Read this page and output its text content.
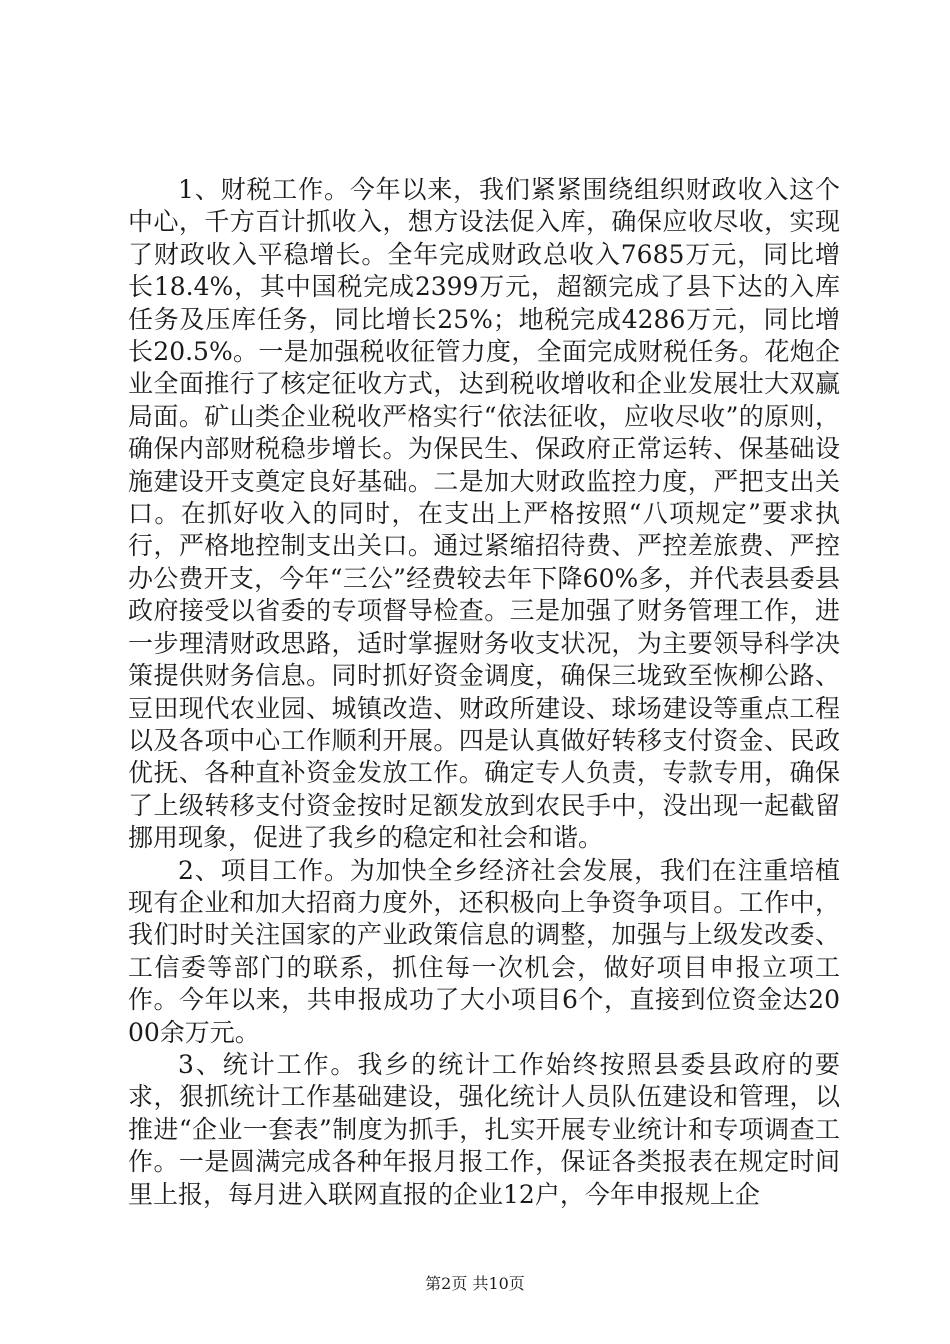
1、财税工作。今年以来，我们紧紧围绕组织财政收入这个中心，千方百计抓收入，想方设法促入库，确保应收尽收，实现了财政收入平稳增长。全年完成财政总收入7685万元，同比增长18.4%，其中国税完成2399万元，超额完成了县下达的入库任务及压库任务，同比增长25%；地税完成4286万元，同比增长20.5%。一是加强税收征管力度，全面完成财税任务。花炮企业全面推行了核定征收方式，达到税收增收和企业发展壮大双赢局面。矿山类企业税收严格实行“依法征收，应收尽收”的原则，确保内部财税稳步增长。为保民生、保政府正常运转、保基础设施建设开支奠定良好基础。二是加大财政监控力度，严把支出关口。在抓好收入的同时，在支出上严格按照“八项规定”要求执行，严格地控制支出关口。通过紧缩招待费、严控差旅费、严控办公费开支，今年“三公”经费较去年下降60%多，并代表县委县政府接受以省委的专项督导检查。三是加强了财务管理工作，进一步理清财政思路，适时掌握财务收支状况，为主要领导科学决策提供财务信息。同时抓好资金调度，确保三垅致至恢柳公路、豆田现代农业园、城镇改造、财政所建设、球场建设等重点工程以及各项中心工作顺利开展。四是认真做好转移支付资金、民政优抚、各种直补资金发放工作。确定专人负责，专款专用，确保了上级转移支付资金按时足额发放到农民手中，没出现一起截留挪用现象，促进了我乡的稳定和社会和谐。

2、项目工作。为加快全乡经济社会发展，我们在注重培植现有企业和加大招商力度外，还积极向上争资争项目。工作中，我们时时关注国家的产业政策信息的调整，加强与上级发改委、工信委等部门的联系，抓住每一次机会，做好项目申报立项工作。今年以来，共申报成功了大小项目6个，直接到位资金达2000余万元。

3、统计工作。我乡的统计工作始终按照县委县政府的要求，狠抓统计工作基础建设，强化统计人员队伍建设和管理，以推进“企业一套表”制度为抓手，扎实开展专业统计和专项调查工作。一是圆满完成各种年报月报工作，保证各类报表在规定时间里上报，每月进入联网直报的企业12户，今年申报规上企

第2页 共10页
